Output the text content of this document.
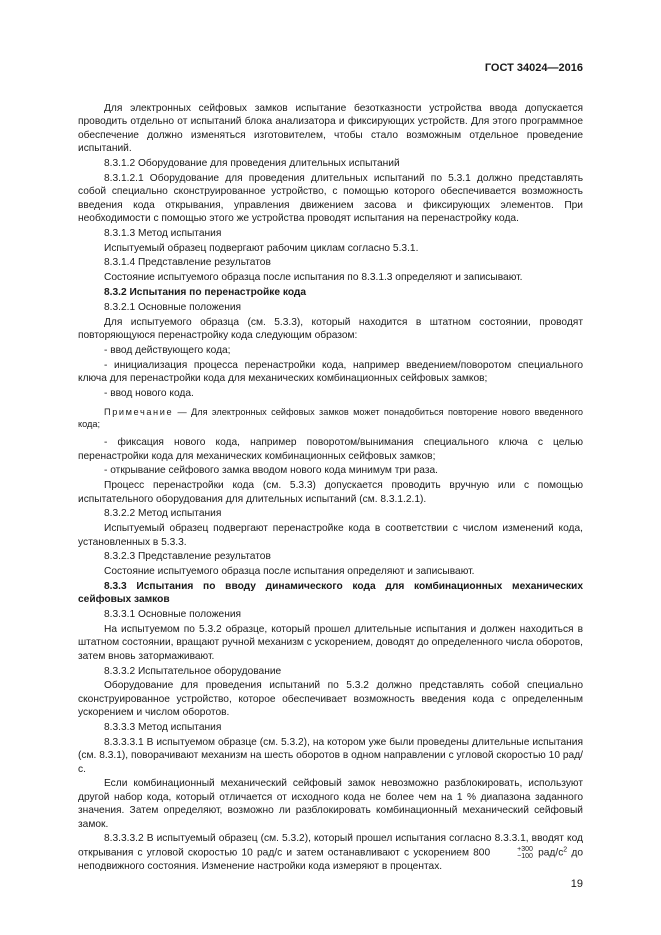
ГОСТ 34024—2016

Для электронных сейфовых замков испытание безотказности устройства ввода допускается проводить отдельно от испытаний блока анализатора и фиксирующих устройств. Для этого программное обеспечение должно изменяться изготовителем, чтобы стало возможным отдельное проведение испытаний.

8.3.1.2 Оборудование для проведения длительных испытаний

8.3.1.2.1 Оборудование для проведения длительных испытаний по 5.3.1 должно представлять собой специально сконструированное устройство, с помощью которого обеспечивается возможность введения кода открывания, управления движением засова и фиксирующих элементов. При необходимости с помощью этого же устройства проводят испытания на перенастройку кода.

8.3.1.3 Метод испытания

Испытуемый образец подвергают рабочим циклам согласно 5.3.1.

8.3.1.4 Представление результатов

Состояние испытуемого образца после испытания по 8.3.1.3 определяют и записывают.

8.3.2 Испытания по перенастройке кода

8.3.2.1 Основные положения

Для испытуемого образца (см. 5.3.3), который находится в штатном состоянии, проводят повторяющуюся перенастройку кода следующим образом:

- ввод действующего кода;

- инициализация процесса перенастройки кода, например введением/поворотом специального ключа для перенастройки кода для механических комбинационных сейфовых замков;

- ввод нового кода.

Примечание — Для электронных сейфовых замков может понадобиться повторение нового введенного кода;

- фиксация нового кода, например поворотом/вынимания специального ключа с целью перенастройки кода для механических комбинационных сейфовых замков;

- открывание сейфового замка вводом нового кода минимум три раза.

Процесс перенастройки кода (см. 5.3.3) допускается проводить вручную или с помощью испытательного оборудования для длительных испытаний (см. 8.3.1.2.1).

8.3.2.2 Метод испытания

Испытуемый образец подвергают перенастройке кода в соответствии с числом изменений кода, установленных в 5.3.3.

8.3.2.3 Представление результатов

Состояние испытуемого образца после испытания определяют и записывают.

8.3.3 Испытания по вводу динамического кода для комбинационных механических сейфовых замков

8.3.3.1 Основные положения

На испытуемом по 5.3.2 образце, который прошел длительные испытания и должен находиться в штатном состоянии, вращают ручной механизм с ускорением, доводят до определенного числа оборотов, затем вновь затормаживают.

8.3.3.2 Испытательное оборудование

Оборудование для проведения испытаний по 5.3.2 должно представлять собой специально сконструированное устройство, которое обеспечивает возможность введения кода с определенным ускорением и числом оборотов.

8.3.3.3 Метод испытания

8.3.3.3.1 В испытуемом образце (см. 5.3.2), на котором уже были проведены длительные испытания (см. 8.3.1), поворачивают механизм на шесть оборотов в одном направлении с угловой скоростью 10 рад/с.

Если комбинационный механический сейфовый замок невозможно разблокировать, используют другой набор кода, который отличается от исходного кода не более чем на 1 % диапазона заданного значения. Затем определяют, возможно ли разблокировать комбинационный механический сейфовый замок.

8.3.3.3.2 В испытуемый образец (см. 5.3.2), который прошел испытания согласно 8.3.3.1, вводят код открывания с угловой скоростью 10 рад/с и затем останавливают с ускорением 800	+300
−100 рад/$с^2$ до неподвижного состояния. Изменение настройки кода измеряют в процентах.

19
